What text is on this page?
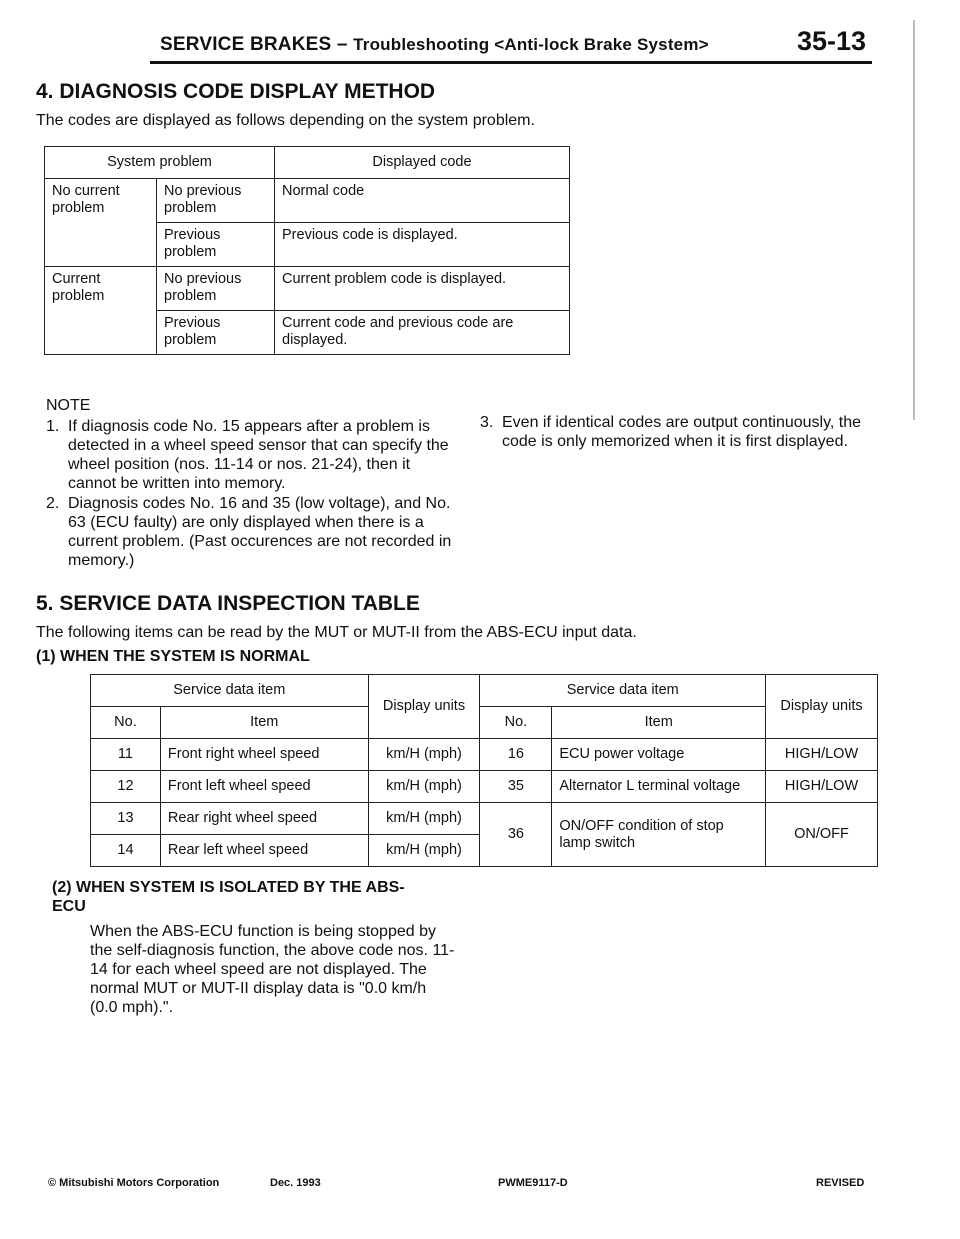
SERVICE BRAKES – Troubleshooting <Anti-lock Brake System>	35-13
4. DIAGNOSIS CODE DISPLAY METHOD
The codes are displayed as follows depending on the system problem.
System problem		Displayed code
No current problem	No previous problem	Normal code
	Previous problem	Previous code is displayed.
Current problem	No previous problem	Current problem code is displayed.
	Previous problem	Current code and previous code are displayed.
NOTE
1. If diagnosis code No. 15 appears after a problem is detected in a wheel speed sensor that can specify the wheel position (nos. 11-14 or nos. 21-24), then it cannot be written into memory.
2. Diagnosis codes No. 16 and 35 (low voltage), and No. 63 (ECU faulty) are only displayed when there is a current problem. (Past occurences are not recorded in memory.)
3. Even if identical codes are output continuously, the code is only memorized when it is first displayed.
5. SERVICE DATA INSPECTION TABLE
The following items can be read by the MUT or MUT-II from the ABS-ECU input data.
(1) WHEN THE SYSTEM IS NORMAL
Service data item		Display units	Service data item		Display units
No.	Item		No.	Item	
11	Front right wheel speed	km/H (mph)	16	ECU power voltage	HIGH/LOW
12	Front left wheel speed	km/H (mph)	35	Alternator L terminal voltage	HIGH/LOW
13	Rear right wheel speed	km/H (mph)	36	ON/OFF condition of stop lamp switch	ON/OFF
14	Rear left wheel speed	km/H (mph)			
(2) WHEN SYSTEM IS ISOLATED BY THE ABS-ECU
When the ABS-ECU function is being stopped by the self-diagnosis function, the above code nos. 11-14 for each wheel speed are not displayed. The normal MUT or MUT-II display data is "0.0 km/h (0.0 mph).".
© Mitsubishi Motors Corporation	Dec. 1993	PWME9117-D	REVISED
